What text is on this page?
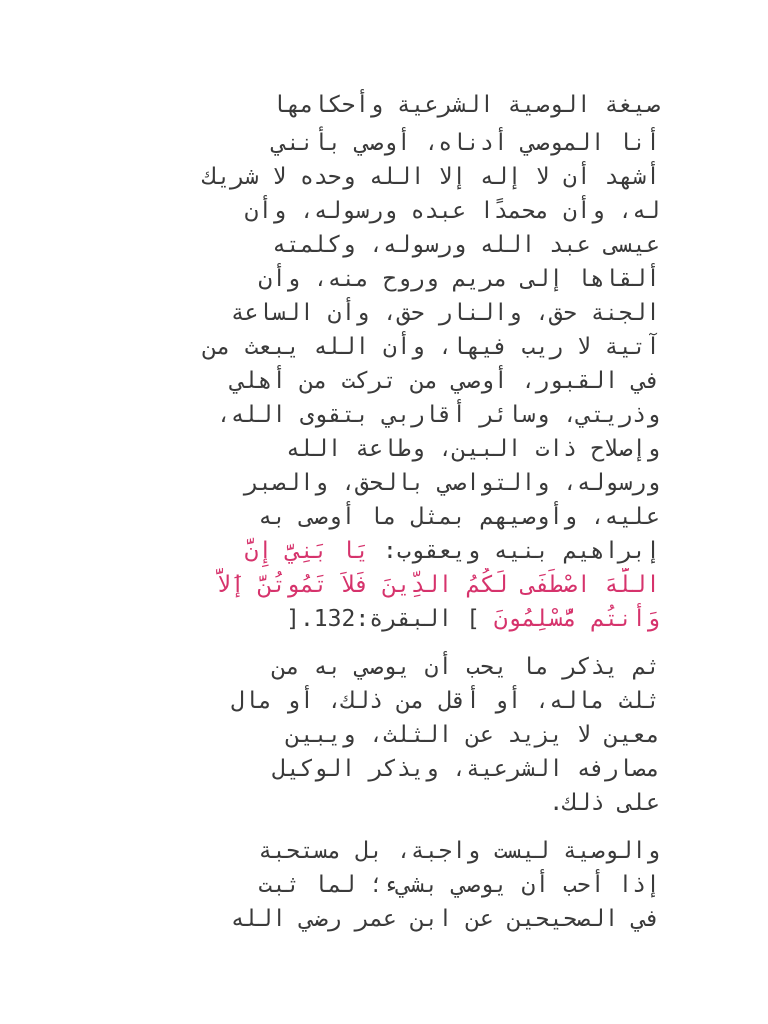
صيغة الوصية الشرعية وأحكامها
أنا الموصي أدناه، أوصي بأنني
أشهد أن لا إله إلا الله وحده لا شريك
له، وأن محمدًا عبده ورسوله، وأن
عيسى عبد الله ورسوله، وكلمته
ألقاها إلى مريم وروح منه، وأن
الجنة حق، والنار حق، وأن الساعة
آتية لا ريب فيها، وأن الله يبعث من
في القبور، أوصي من تركت من أهلي
وذريتي، وسائر أقاربي بتقوى الله،
وإصلاح ذات البين، وطاعة الله
ورسوله، والتواصي بالحق، والصبر
عليه، وأوصيهم بمثل ما أوصى به
إبراهيم بنيه ويعقوب: يَا بَنِيَّ إِنَّ
اللَّهَ اصْطَفَى لَكُمُ الدِّينَ فَلاَ تَمُوتُنَّ إَلاَّ
وَأَنتُم مُّسْلِمُونَ ] البقرة:132.[
ثم يذكر ما يحب أن يوصي به من
ثلث ماله، أو أقل من ذلك، أو مال
معين لا يزيد عن الثلث، ويبين
مصارفه الشرعية، ويذكر الوكيل
على ذلك.
والوصية ليست واجبة، بل مستحبة
إذا أحب أن يوصي بشيء؛ لما ثبت
في الصحيحين عن ابن عمر رضي الله
